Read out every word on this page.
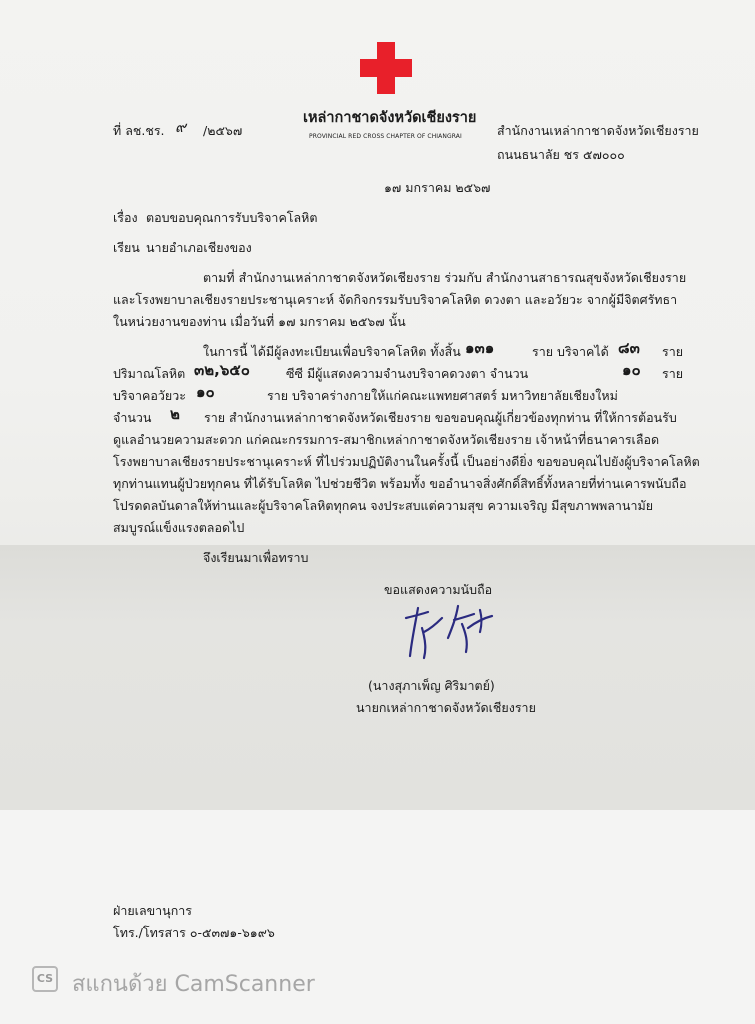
เหล่ากาชาดจังหวัดเชียงราย
PROVINCIAL RED CROSS CHAPTER OF CHIANGRAI
ที่ ลช.ชร. ๙ /๒๕๖๗	สำนักงานเหล่ากาชาดจังหวัดเชียงราย
ถนนธนาลัย ชร ๕๗๐๐๐
๑๗ มกราคม ๒๕๖๗
เรื่อง ตอบขอบคุณการรับบริจาคโลหิต
เรียน นายอำเภอเชียงของ
ตามที่ สำนักงานเหล่ากาชาดจังหวัดเชียงราย ร่วมกับ สำนักงานสาธารณสุขจังหวัดเชียงราย
และโรงพยาบาลเชียงรายประชานุเคราะห์ จัดกิจกรรมรับบริจาคโลหิต ดวงตา และอวัยวะ จากผู้มีจิตศรัทธา
ในหน่วยงานของท่าน เมื่อวันที่ ๑๗ มกราคม ๒๕๖๗ นั้น
ในการนี้ ได้มีผู้ลงทะเบียนเพื่อบริจาคโลหิต ทั้งสิ้น ๑๓๑	ราย บริจาคได้ ๘๓ ราย
ปริมาณโลหิต ๓๒,๖๕๐	ซีซี มีผู้แสดงความจำนงบริจาคดวงตา จำนวน	๑๐ ราย
บริจาคอวัยวะ ๑๐	ราย บริจาคร่างกายให้แก่คณะแพทยศาสตร์ มหาวิทยาลัยเชียงใหม่
จำนวน ๒ ราย สำนักงานเหล่ากาชาดจังหวัดเชียงราย ขอขอบคุณผู้เกี่ยวข้องทุกท่าน ที่ให้การต้อนรับ
ดูแลอำนวยความสะดวก แก่คณะกรรมการ-สมาชิกเหล่ากาชาดจังหวัดเชียงราย เจ้าหน้าที่ธนาคารเลือด
โรงพยาบาลเชียงรายประชานุเคราะห์ ที่ไปร่วมปฏิบัติงานในครั้งนี้ เป็นอย่างดียิ่ง ขอขอบคุณไปยังผู้บริจาคโลหิต
ทุกท่านแทนผู้ป่วยทุกคน ที่ได้รับโลหิต ไปช่วยชีวิต พร้อมทั้ง ขออำนาจสิ่งศักดิ์สิทธิ์ทั้งหลายที่ท่านเคารพนับถือ
โปรดดลบันดาลให้ท่านและผู้บริจาคโลหิตทุกคน จงประสบแต่ความสุข ความเจริญ มีสุขภาพพลานามัย
สมบูรณ์แข็งแรงตลอดไป
จึงเรียนมาเพื่อทราบ
ขอแสดงความนับถือ
(นางสุภาเพ็ญ ศิริมาตย์)
นายกเหล่ากาชาดจังหวัดเชียงราย
ฝ่ายเลขานุการ
โทร./โทรสาร ๐-๕๓๗๑-๖๑๙๖
CS สแกนด้วย CamScanner
